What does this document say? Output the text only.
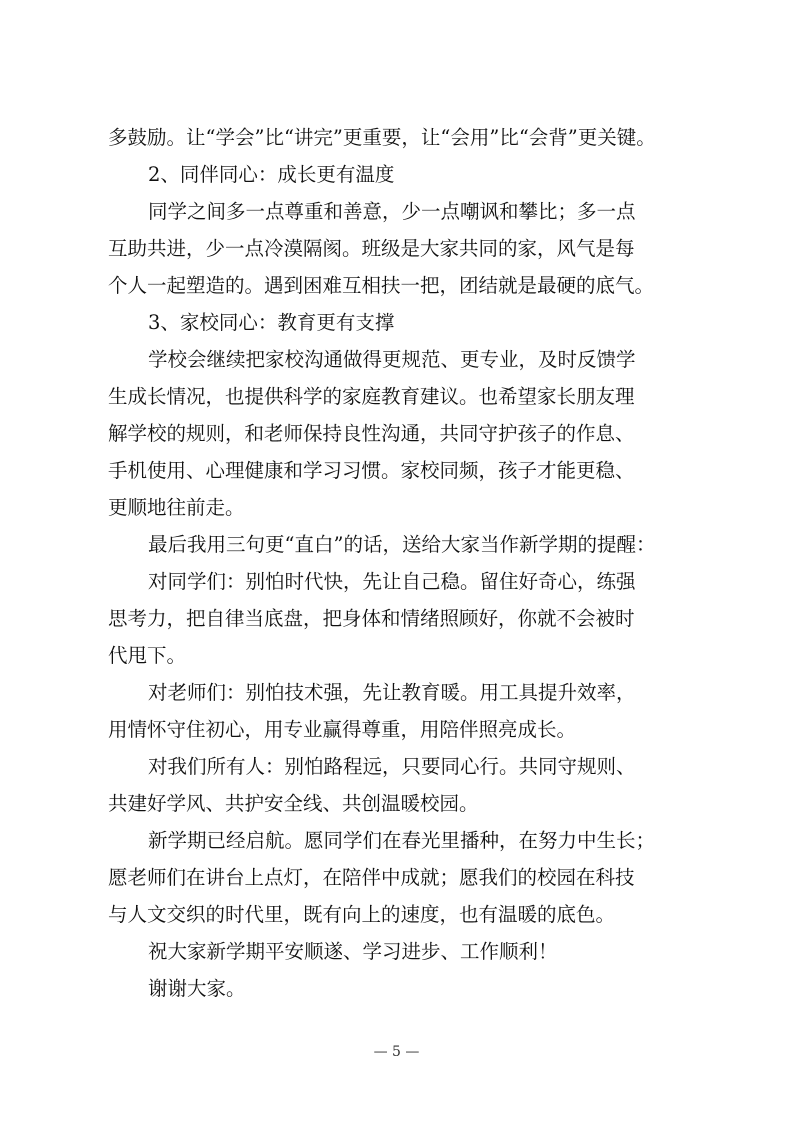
多鼓励。让“学会”比“讲完”更重要，让“会用”比“会背”更关键。

2、同伴同心：成长更有温度

同学之间多一点尊重和善意，少一点嘲讽和攀比；多一点

互助共进，少一点冷漠隔阂。班级是大家共同的家，风气是每

个人一起塑造的。遇到困难互相扶一把，团结就是最硬的底气。

3、家校同心：教育更有支撑

学校会继续把家校沟通做得更规范、更专业，及时反馈学

生成长情况，也提供科学的家庭教育建议。也希望家长朋友理

解学校的规则，和老师保持良性沟通，共同守护孩子的作息、

手机使用、心理健康和学习习惯。家校同频，孩子才能更稳、

更顺地往前走。

最后我用三句更“直白”的话，送给大家当作新学期的提醒：

对同学们：别怕时代快，先让自己稳。留住好奇心，练强

思考力，把自律当底盘，把身体和情绪照顾好，你就不会被时

代甩下。

对老师们：别怕技术强，先让教育暖。用工具提升效率，

用情怀守住初心，用专业赢得尊重，用陪伴照亮成长。

对我们所有人：别怕路程远，只要同心行。共同守规则、

共建好学风、共护安全线、共创温暖校园。

新学期已经启航。愿同学们在春光里播种，在努力中生长；

愿老师们在讲台上点灯，在陪伴中成就；愿我们的校园在科技

与人文交织的时代里，既有向上的速度，也有温暖的底色。

祝大家新学期平安顺遂、学习进步、工作顺利！

谢谢大家。

— 5 —
